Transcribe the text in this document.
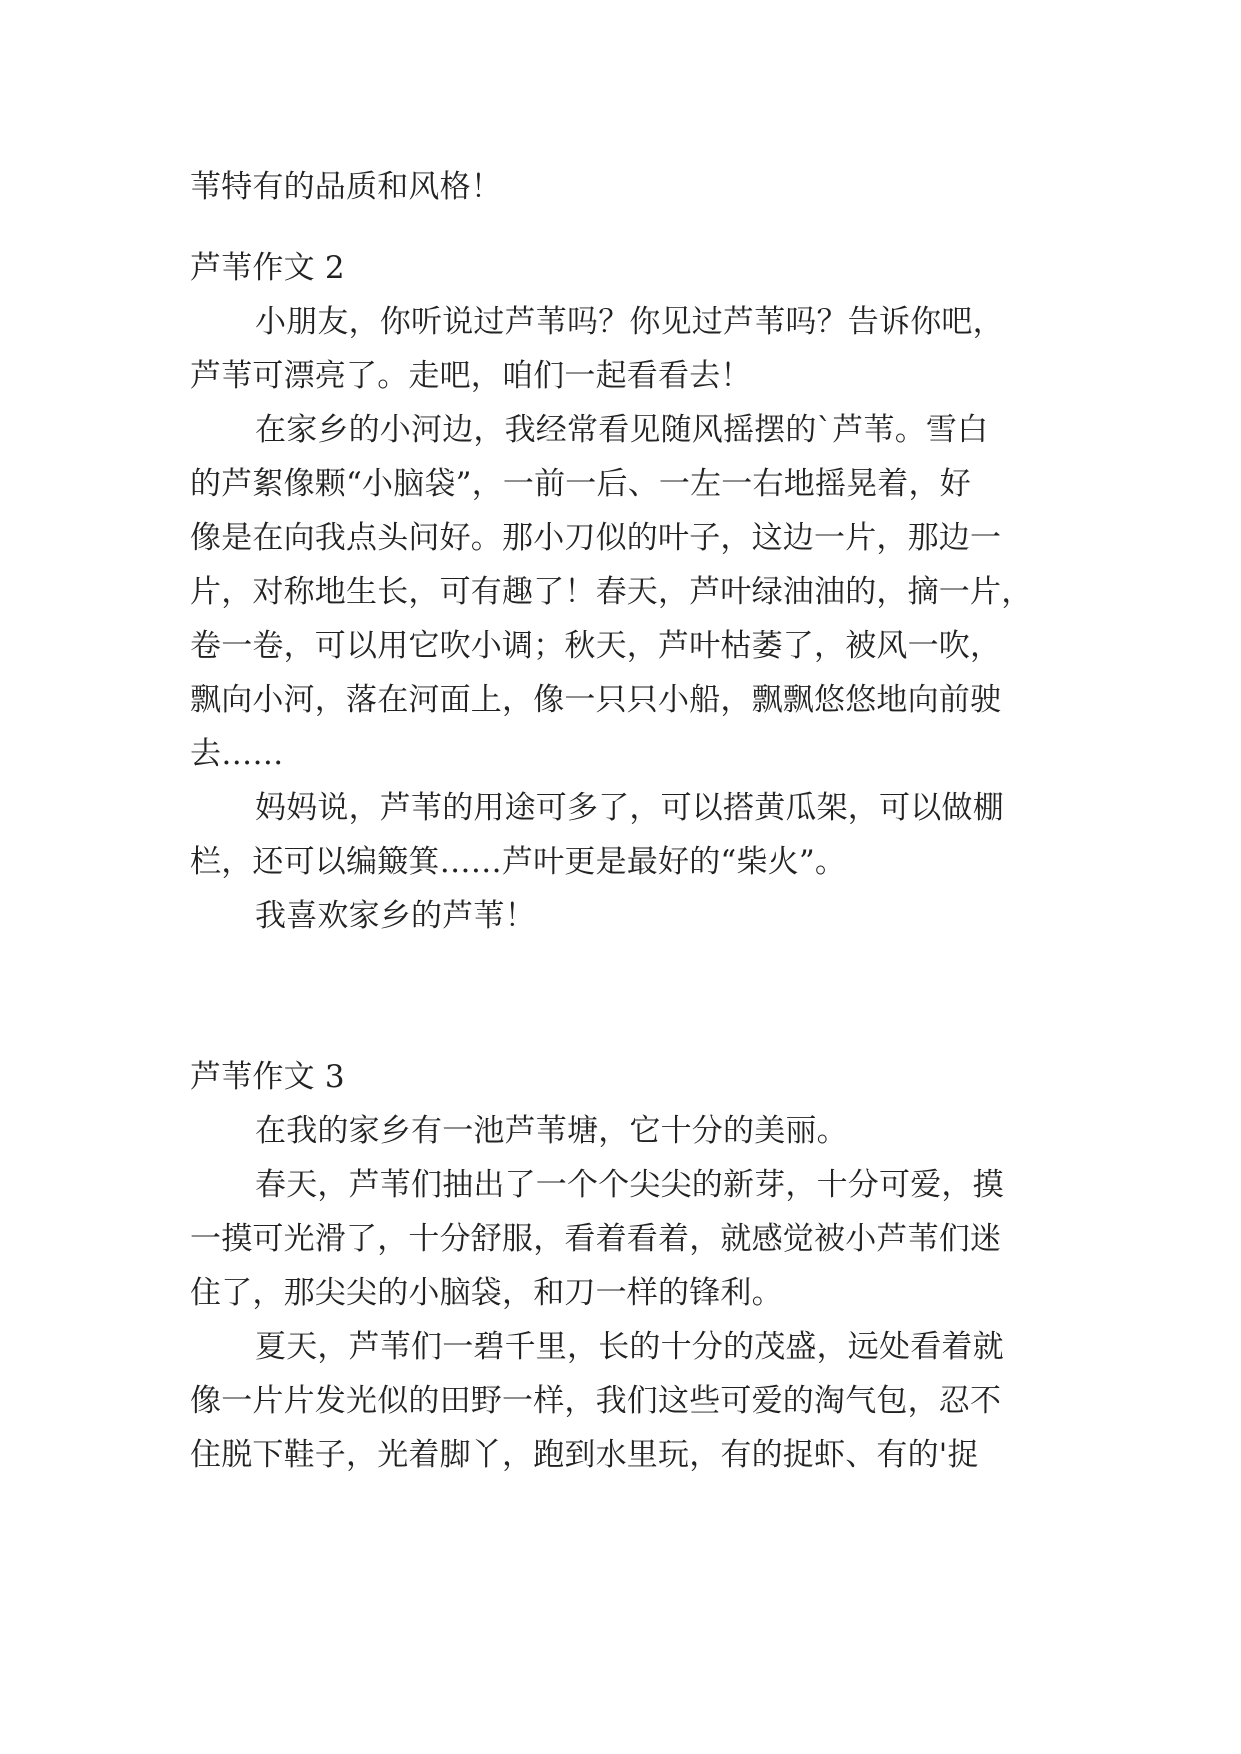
苇特有的品质和风格！
芦苇作文 2
小朋友，你听说过芦苇吗？你见过芦苇吗？告诉你吧，
芦苇可漂亮了。走吧，咱们一起看看去！
在家乡的小河边，我经常看见随风摇摆的`芦苇。雪白
的芦絮像颗“小脑袋”，一前一后、一左一右地摇晃着，好
像是在向我点头问好。那小刀似的叶子，这边一片，那边一
片，对称地生长，可有趣了！春天，芦叶绿油油的，摘一片，
卷一卷，可以用它吹小调；秋天，芦叶枯萎了，被风一吹，
飘向小河，落在河面上，像一只只小船，飘飘悠悠地向前驶
去……
妈妈说，芦苇的用途可多了，可以搭黄瓜架，可以做棚
栏，还可以编簸箕……芦叶更是最好的“柴火”。
我喜欢家乡的芦苇！
芦苇作文 3
在我的家乡有一池芦苇塘，它十分的美丽。
春天，芦苇们抽出了一个个尖尖的新芽，十分可爱，摸
一摸可光滑了，十分舒服，看着看着，就感觉被小芦苇们迷
住了，那尖尖的小脑袋，和刀一样的锋利。
夏天，芦苇们一碧千里，长的十分的茂盛，远处看着就
像一片片发光似的田野一样，我们这些可爱的淘气包，忍不
住脱下鞋子，光着脚丫，跑到水里玩，有的捉虾、有的'捉
